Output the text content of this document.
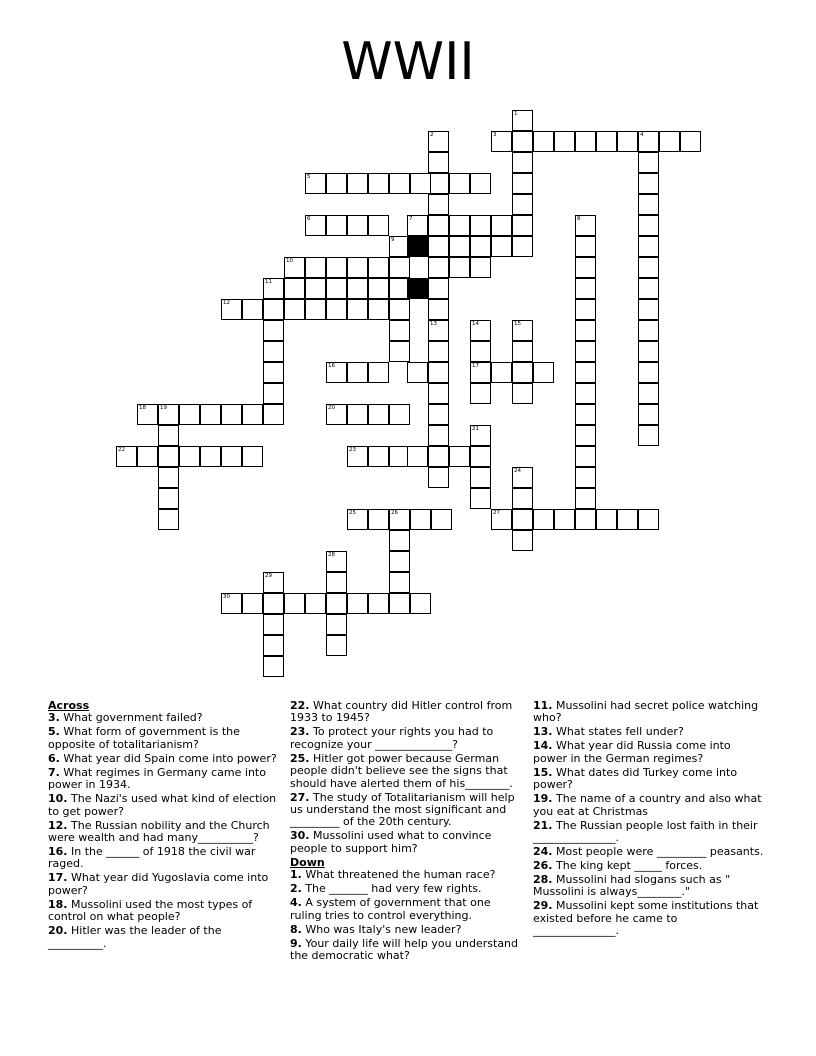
WWII
1
2	3	4
5
6	7	8
9
10
11
12
13	14	15
16	17
18	19	20
21
22	23
24
25	26	27
28
29
30
Across
3. What government failed?
5. What form of government is the opposite of totalitarianism?
6. What year did Spain come into power?
7. What regimes in Germany came into power in 1934.
10. The Nazi's used what kind of election to get power?
12. The Russian nobility and the Church were wealth and had many__________?
16. In the ______ of 1918 the civil war raged.
17. What year did Yugoslavia come into power?
18. Mussolini used the most types of control on what people?
20. Hitler was the leader of the __________.
22. What country did Hitler control from 1933 to 1945?
23. To protect your rights you had to recognize your ______________?
25. Hitler got power because German people didn't believe see the signs that should have alerted them of his________.
27. The study of Totalitarianism will help us understand the most significant and _________ of the 20th century.
30. Mussolini used what to convince people to support him?
Down
1. What threatened the human race?
2. The _______ had very few rights.
4. A system of government that one ruling tries to control everything.
8. Who was Italy's new leader?
9. Your daily life will help you understand the democratic what?
11. Mussolini had secret police watching who?
13. What states fell under?
14. What year did Russia come into power in the German regimes?
15. What dates did Turkey come into power?
19. The name of a country and also what you eat at Christmas
21. The Russian people lost faith in their _______________.
24. Most people were _________ peasants.
26. The king kept _____ forces.
28. Mussolini had slogans such as " Mussolini is always________."
29. Mussolini kept some institutions that existed before he came to _______________.
